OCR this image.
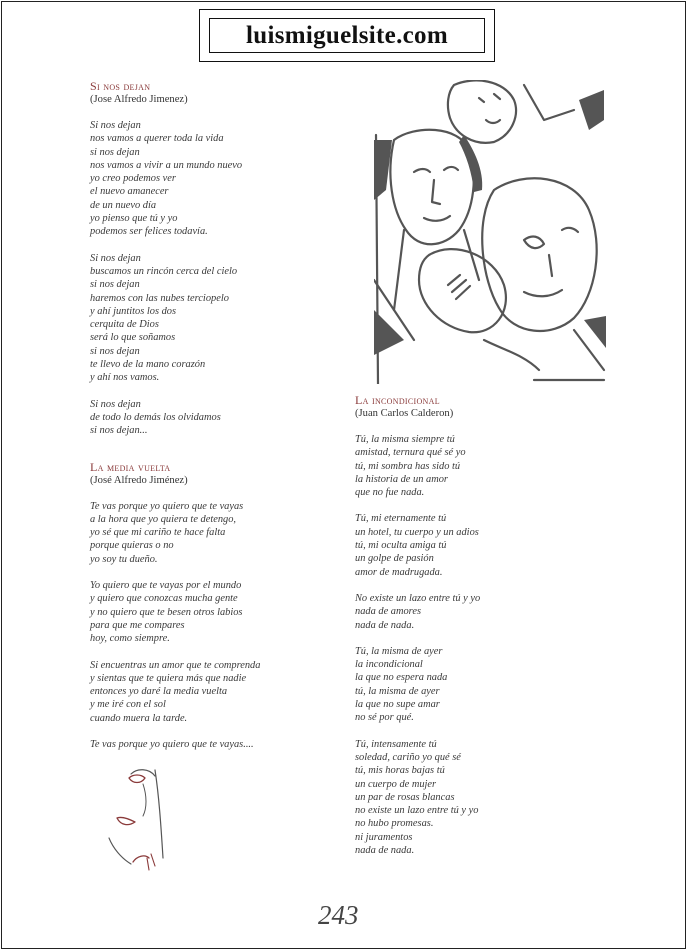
luismiguelsite.com
Si nos dejan
(Jose Alfredo Jimenez)
Si nos dejan
nos vamos a querer toda la vida
si nos dejan
nos vamos a vivir a un mundo nuevo
yo creo podemos ver
el nuevo amanecer
de un nuevo día
yo pienso que tú y yo
podemos ser felices todavía.
Si nos dejan
buscamos un rincón cerca del cielo
si nos dejan
haremos con las nubes terciopelo
y ahí juntitos los dos
cerquita de Dios
será lo que soñamos
si nos dejan
te llevo de la mano corazón
y ahí nos vamos.
Si nos dejan
de todo lo demás los olvidamos
si nos dejan...
La media vuelta
(José Alfredo Jiménez)
Te vas porque yo quiero que te vayas
a la hora que yo quiera te detengo,
yo sé que mi cariño te hace falta
porque quieras o no
yo soy tu dueño.
Yo quiero que te vayas por el mundo
y quiero que conozcas mucha gente
y no quiero que te besen otros labios
para que me compares
hoy, como siempre.
Si encuentras un amor que te comprenda
y sientas que te quiera más que nadie
entonces yo daré la media vuelta
y me iré con el sol
cuando muera la tarde.
Te vas porque yo quiero que te vayas....
La incondicional
(Juan Carlos Calderon)
Tú, la misma siempre tú
amistad, ternura qué sé yo
tú, mi sombra has sido tú
la historia de un amor
que no fue nada.
Tú, mi eternamente tú
un hotel, tu cuerpo y un adios
tú, mi oculta amiga tú
un golpe de pasión
amor de madrugada.
No existe un lazo entre tú y yo
nada de amores
nada de nada.
Tú, la misma de ayer
la incondicional
la que no espera nada
tú, la misma de ayer
la que no supe amar
no sé por qué.
Tú, intensamente tú
soledad, cariño yo qué sé
tú, mis horas bajas tú
un cuerpo de mujer
un par de rosas blancas
no existe un lazo entre tú y yo
no hubo promesas.
ni juramentos
nada de nada.
243
